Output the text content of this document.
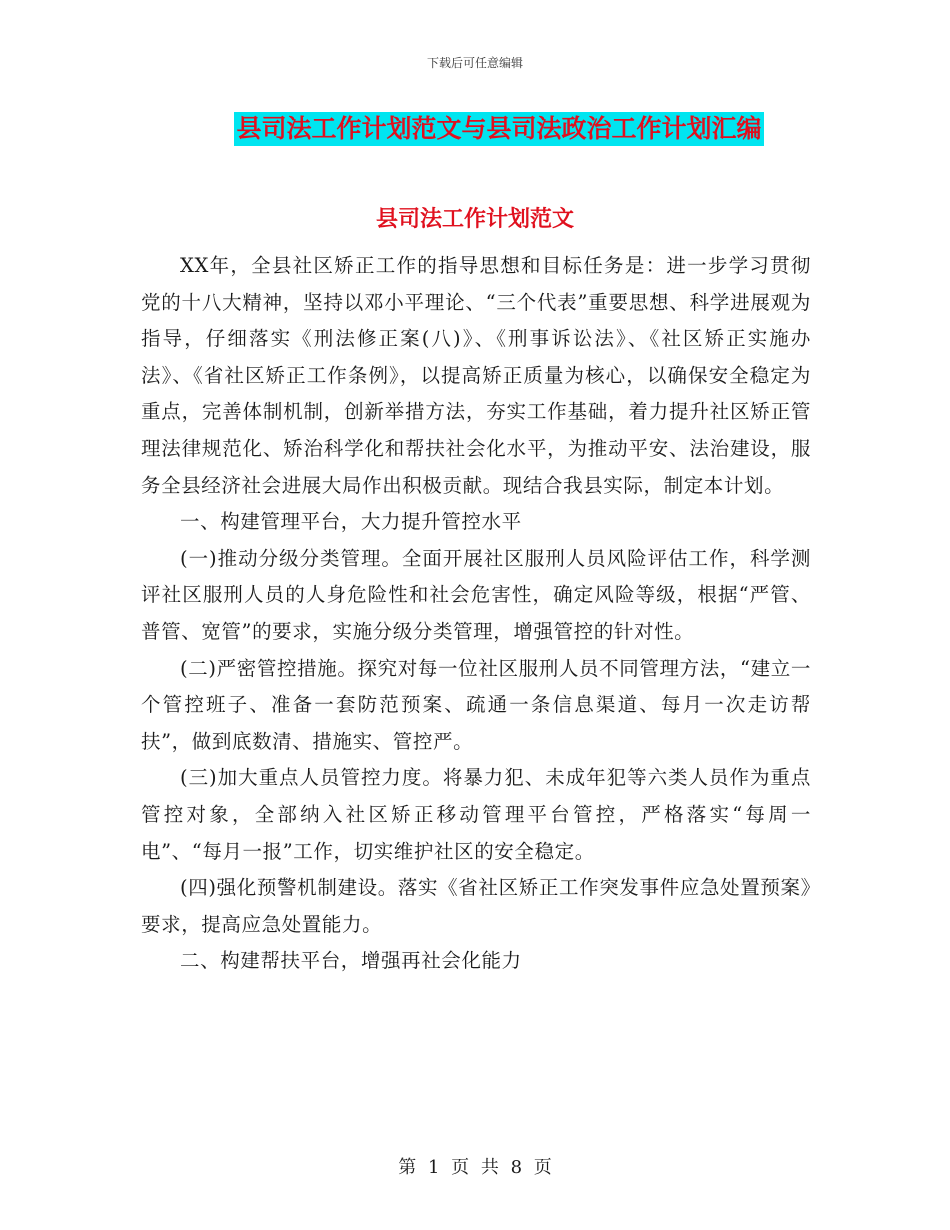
下载后可任意编辑
县司法工作计划范文与县司法政治工作计划汇编
县司法工作计划范文

XX年，全县社区矫正工作的指导思想和目标任务是：进一步学习贯彻党的十八大精神，坚持以邓小平理论、“三个代表”重要思想、科学进展观为指导，仔细落实《刑法修正案(八)》、《刑事诉讼法》、《社区矫正实施办法》、《省社区矫正工作条例》，以提高矫正质量为核心，以确保安全稳定为重点，完善体制机制，创新举措方法，夯实工作基础，着力提升社区矫正管理法律规范化、矫治科学化和帮扶社会化水平，为推动平安、法治建设，服务全县经济社会进展大局作出积极贡献。现结合我县实际，制定本计划。

一、构建管理平台，大力提升管控水平

(一)推动分级分类管理。全面开展社区服刑人员风险评估工作，科学测评社区服刑人员的人身危险性和社会危害性，确定风险等级，根据“严管、普管、宽管”的要求，实施分级分类管理，增强管控的针对性。

(二)严密管控措施。探究对每一位社区服刑人员不同管理方法，“建立一个管控班子、准备一套防范预案、疏通一条信息渠道、每月一次走访帮扶”，做到底数清、措施实、管控严。

(三)加大重点人员管控力度。将暴力犯、未成年犯等六类人员作为重点管控对象，全部纳入社区矫正移动管理平台管控，严格落实“每周一电”、“每月一报”工作，切实维护社区的安全稳定。

(四)强化预警机制建设。落实《省社区矫正工作突发事件应急处置预案》要求，提高应急处置能力。

二、构建帮扶平台，增强再社会化能力

第 1 页 共 8 页
